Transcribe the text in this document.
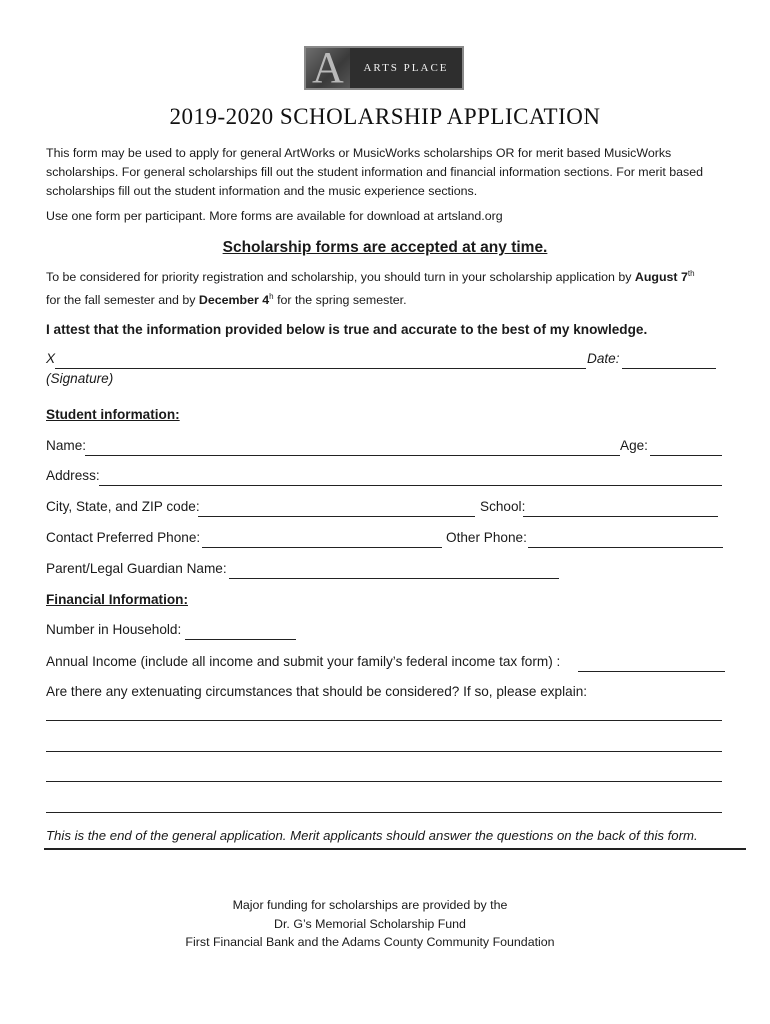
A	ARTS PLACE
2019-2020 SCHOLARSHIP APPLICATION
This form may be used to apply for general ArtWorks or MusicWorks scholarships OR for merit based MusicWorks scholarships. For general scholarships fill out the student information and financial information sections. For merit based scholarships fill out the student information and the music experience sections.
Use one form per participant. More forms are available for download at artsland.org
Scholarship forms are accepted at any time.
To be considered for priority registration and scholarship, you should turn in your scholarship application by August 7th
for the fall semester and by December 4$^h$ for the spring semester.
I attest that the information provided below is true and accurate to the best of my knowledge.
X	Date:
(Signature)
Student information:
Name:	Age:
Address:
City, State, and ZIP code:	School:
Contact Preferred Phone:	Other Phone:
Parent/Legal Guardian Name:
Financial Information:
Number in Household:
Annual Income (include all income and submit your family’s federal income tax form) :
Are there any extenuating circumstances that should be considered? If so, please explain:
This is the end of the general application. Merit applicants should answer the questions on the back of this form.
Major funding for scholarships are provided by the
Dr. G’s Memorial Scholarship Fund
First Financial Bank and the Adams County Community Foundation
